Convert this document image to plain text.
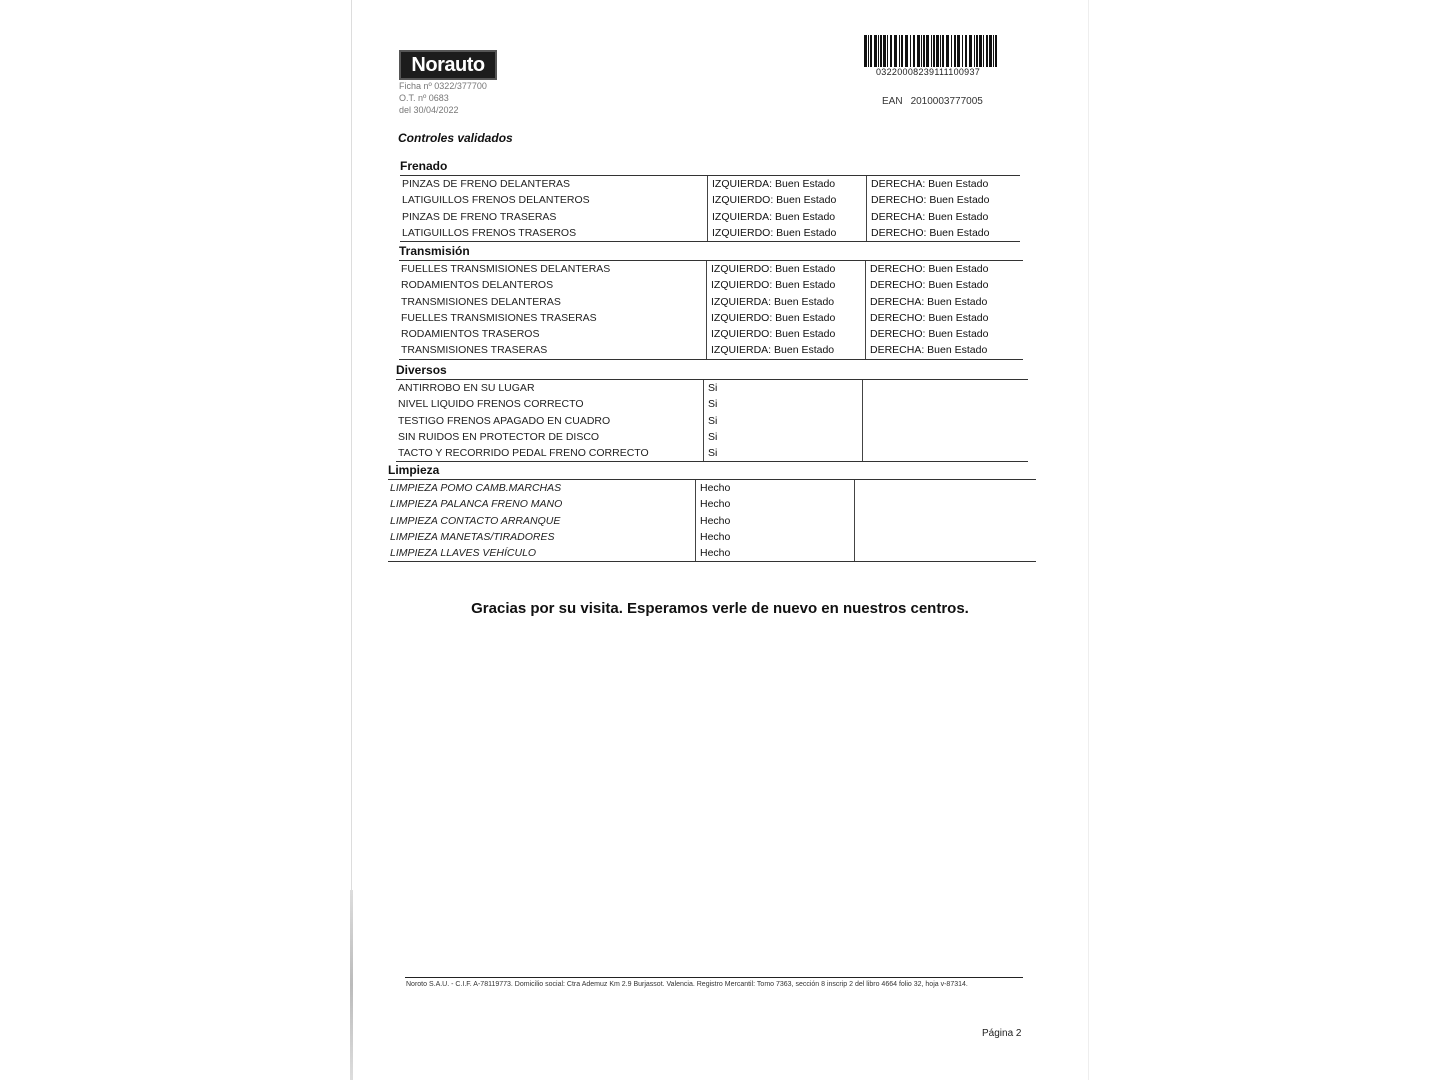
Norauto
Ficha nº 0322/377700
O.T. nº 0683
del 30/04/2022
03220008239111100937
EAN 2010003777005
Controles validados
Frenado
PINZAS DE FRENO DELANTERAS	IZQUIERDA: Buen Estado	DERECHA: Buen Estado
LATIGUILLOS FRENOS DELANTEROS	IZQUIERDO: Buen Estado	DERECHO: Buen Estado
PINZAS DE FRENO TRASERAS	IZQUIERDA: Buen Estado	DERECHA: Buen Estado
LATIGUILLOS FRENOS TRASEROS	IZQUIERDO: Buen Estado	DERECHO: Buen Estado
Transmisión
FUELLES TRANSMISIONES DELANTERAS	IZQUIERDO: Buen Estado	DERECHO: Buen Estado
RODAMIENTOS DELANTEROS	IZQUIERDO: Buen Estado	DERECHO: Buen Estado
TRANSMISIONES DELANTERAS	IZQUIERDA: Buen Estado	DERECHA: Buen Estado
FUELLES TRANSMISIONES TRASERAS	IZQUIERDO: Buen Estado	DERECHO: Buen Estado
RODAMIENTOS TRASEROS	IZQUIERDO: Buen Estado	DERECHO: Buen Estado
TRANSMISIONES TRASERAS	IZQUIERDA: Buen Estado	DERECHA: Buen Estado
Diversos
ANTIRROBO EN SU LUGAR	Si
NIVEL LIQUIDO FRENOS CORRECTO	Si
TESTIGO FRENOS APAGADO EN CUADRO	Si
SIN RUIDOS EN PROTECTOR DE DISCO	Si
TACTO Y RECORRIDO PEDAL FRENO CORRECTO	Si
Limpieza
LIMPIEZA POMO CAMB.MARCHAS	Hecho
LIMPIEZA PALANCA FRENO MANO	Hecho
LIMPIEZA CONTACTO ARRANQUE	Hecho
LIMPIEZA MANETAS/TIRADORES	Hecho
LIMPIEZA LLAVES VEHÍCULO	Hecho
Gracias por su visita. Esperamos verle de nuevo en nuestros centros.
Noroto S.A.U. - C.I.F. A-78119773. Domicilio social: Ctra Ademuz Km 2.9 Burjassot. Valencia. Registro Mercantil: Tomo 7363, sección 8 inscrip 2 del libro 4664 folio 32, hoja v-87314.
Página 2
